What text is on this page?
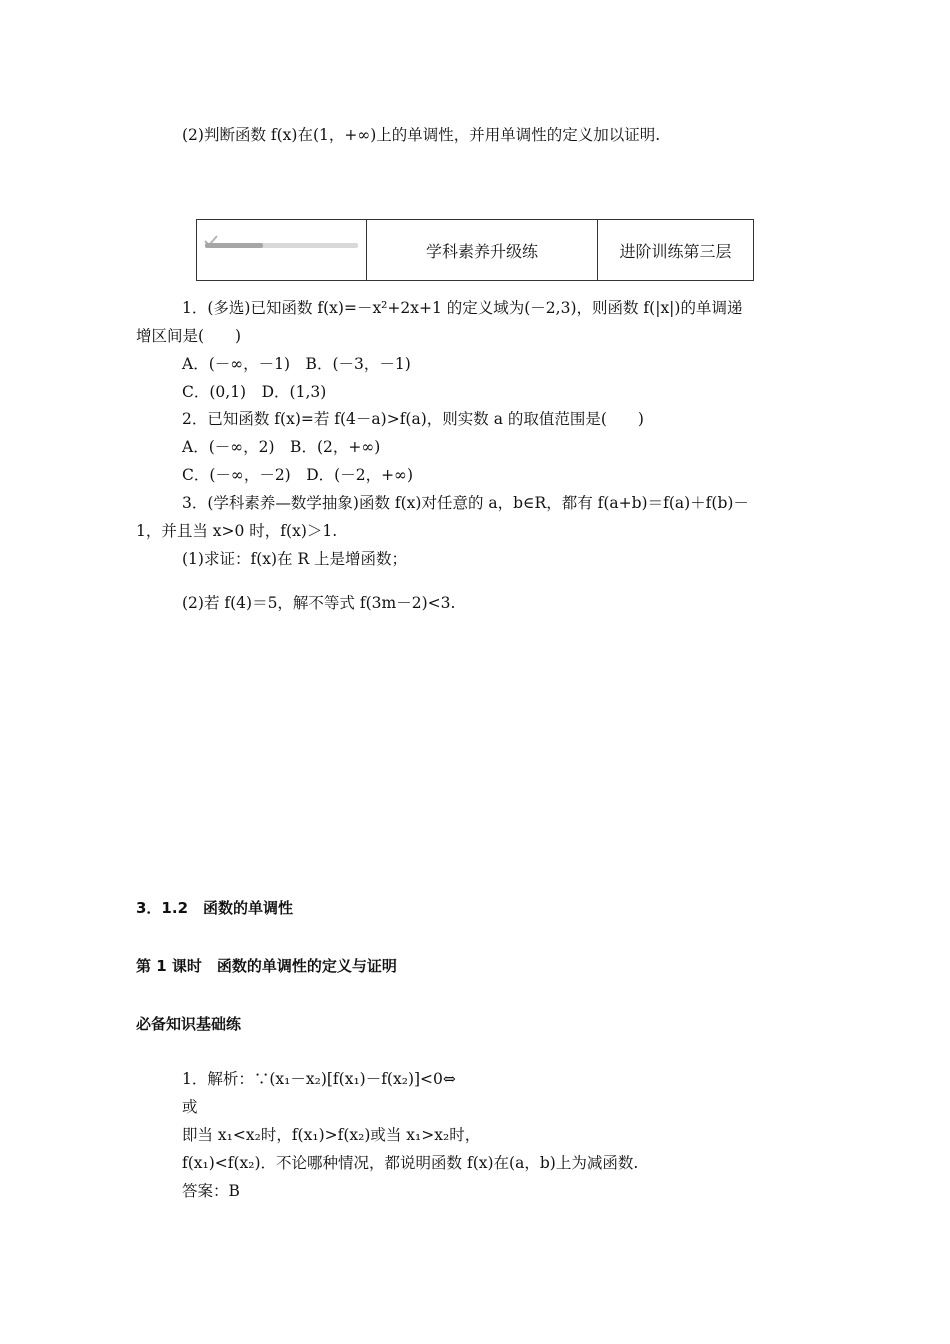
(2)判断函数 f(x)在(1，+∞)上的单调性，并用单调性的定义加以证明.
学科素养升级练	进阶训练第三层
1．(多选)已知函数 f(x)=－x²+2x+1 的定义域为(－2,3)，则函数 f(|x|)的单调递
增区间是(　　)
A．(－∞，－1)　B．(－3，－1)
C．(0,1)　D．(1,3)
2．已知函数 f(x)=若 f(4－a)>f(a)，则实数 a 的取值范围是(　　)
A．(－∞，2)　B．(2，+∞)
C．(－∞，－2)　D．(－2，+∞)
3．(学科素养—数学抽象)函数 f(x)对任意的 a，b∈R，都有 f(a+b)＝f(a)＋f(b)－
1，并且当 x>0 时，f(x)＞1.
(1)求证：f(x)在 R 上是增函数；
(2)若 f(4)＝5，解不等式 f(3m－2)<3.
3．1.2　函数的单调性
第 1 课时　函数的单调性的定义与证明
必备知识基础练
1．解析：∵(x₁－x₂)[f(x₁)－f(x₂)]<0⇔
或
即当 x₁<x₂时，f(x₁)>f(x₂)或当 x₁>x₂时，
f(x₁)<f(x₂)．不论哪种情况，都说明函数 f(x)在(a，b)上为减函数.
答案：B
